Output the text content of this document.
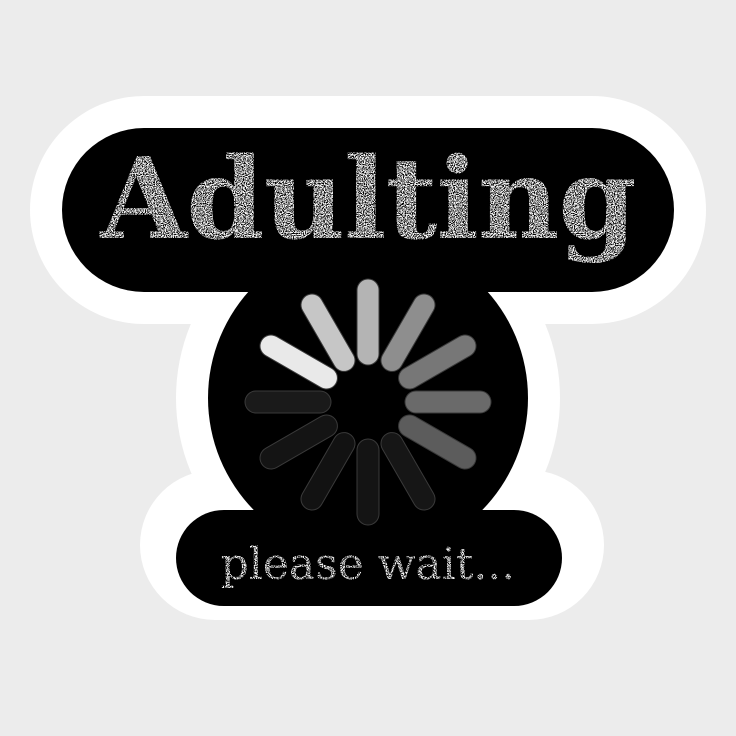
Adulting
please wait...
